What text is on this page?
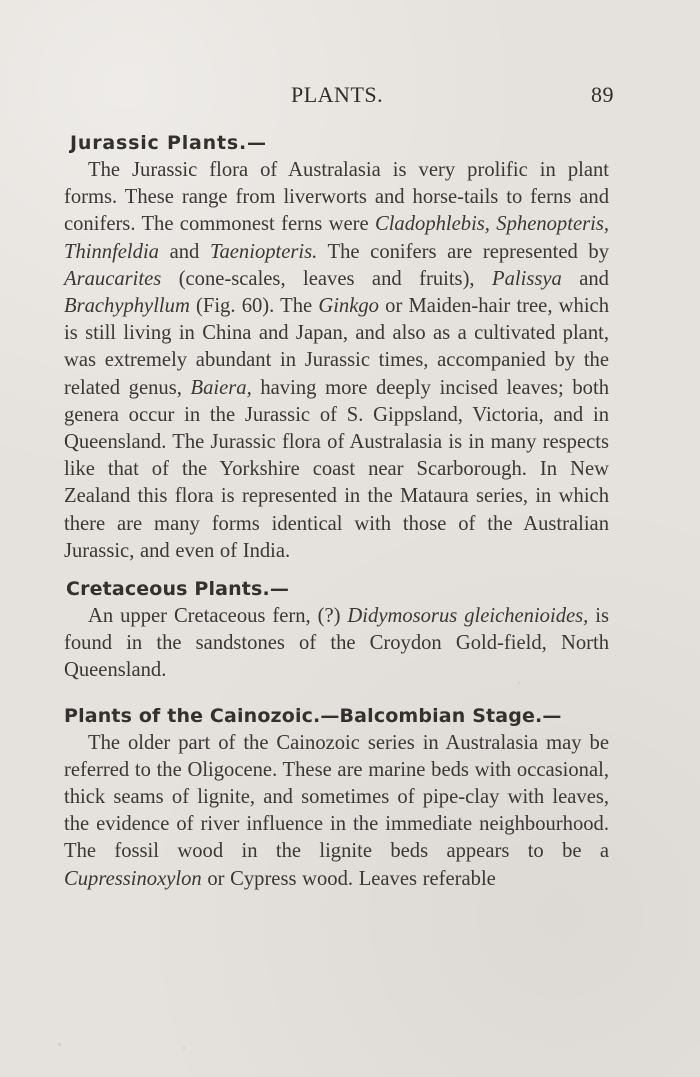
PLANTS.	89
Jurassic Plants.—

The Jurassic flora of Australasia is very prolific in plant forms. These range from liverworts and horse-tails to ferns and conifers. The commonest ferns were Cladophlebis, Sphenopteris, Thinnfeldia and Taeniopteris. The conifers are represented by Araucarites (cone-scales, leaves and fruits), Palissya and Brachyphyllum (Fig. 60). The Ginkgo or Maiden-hair tree, which is still living in China and Japan, and also as a cultivated plant, was extremely abundant in Jurassic times, accompanied by the related genus, Baiera, having more deeply incised leaves; both genera occur in the Jurassic of S. Gippsland, Victoria, and in Queensland. The Jurassic flora of Australasia is in many respects like that of the Yorkshire coast near Scarborough. In New Zealand this flora is represented in the Mataura series, in which there are many forms identical with those of the Australian Jurassic, and even of India.

Cretaceous Plants.—

An upper Cretaceous fern, (?) Didymosorus gleichenioides, is found in the sandstones of the Croydon Gold-field, North Queensland.

Plants of the Cainozoic.—Balcombian Stage.—

The older part of the Cainozoic series in Australasia may be referred to the Oligocene. These are marine beds with occasional, thick seams of lignite, and sometimes of pipe-clay with leaves, the evidence of river influence in the immediate neighbourhood. The fossil wood in the lignite beds appears to be a Cupressinoxylon or Cypress wood. Leaves referable
